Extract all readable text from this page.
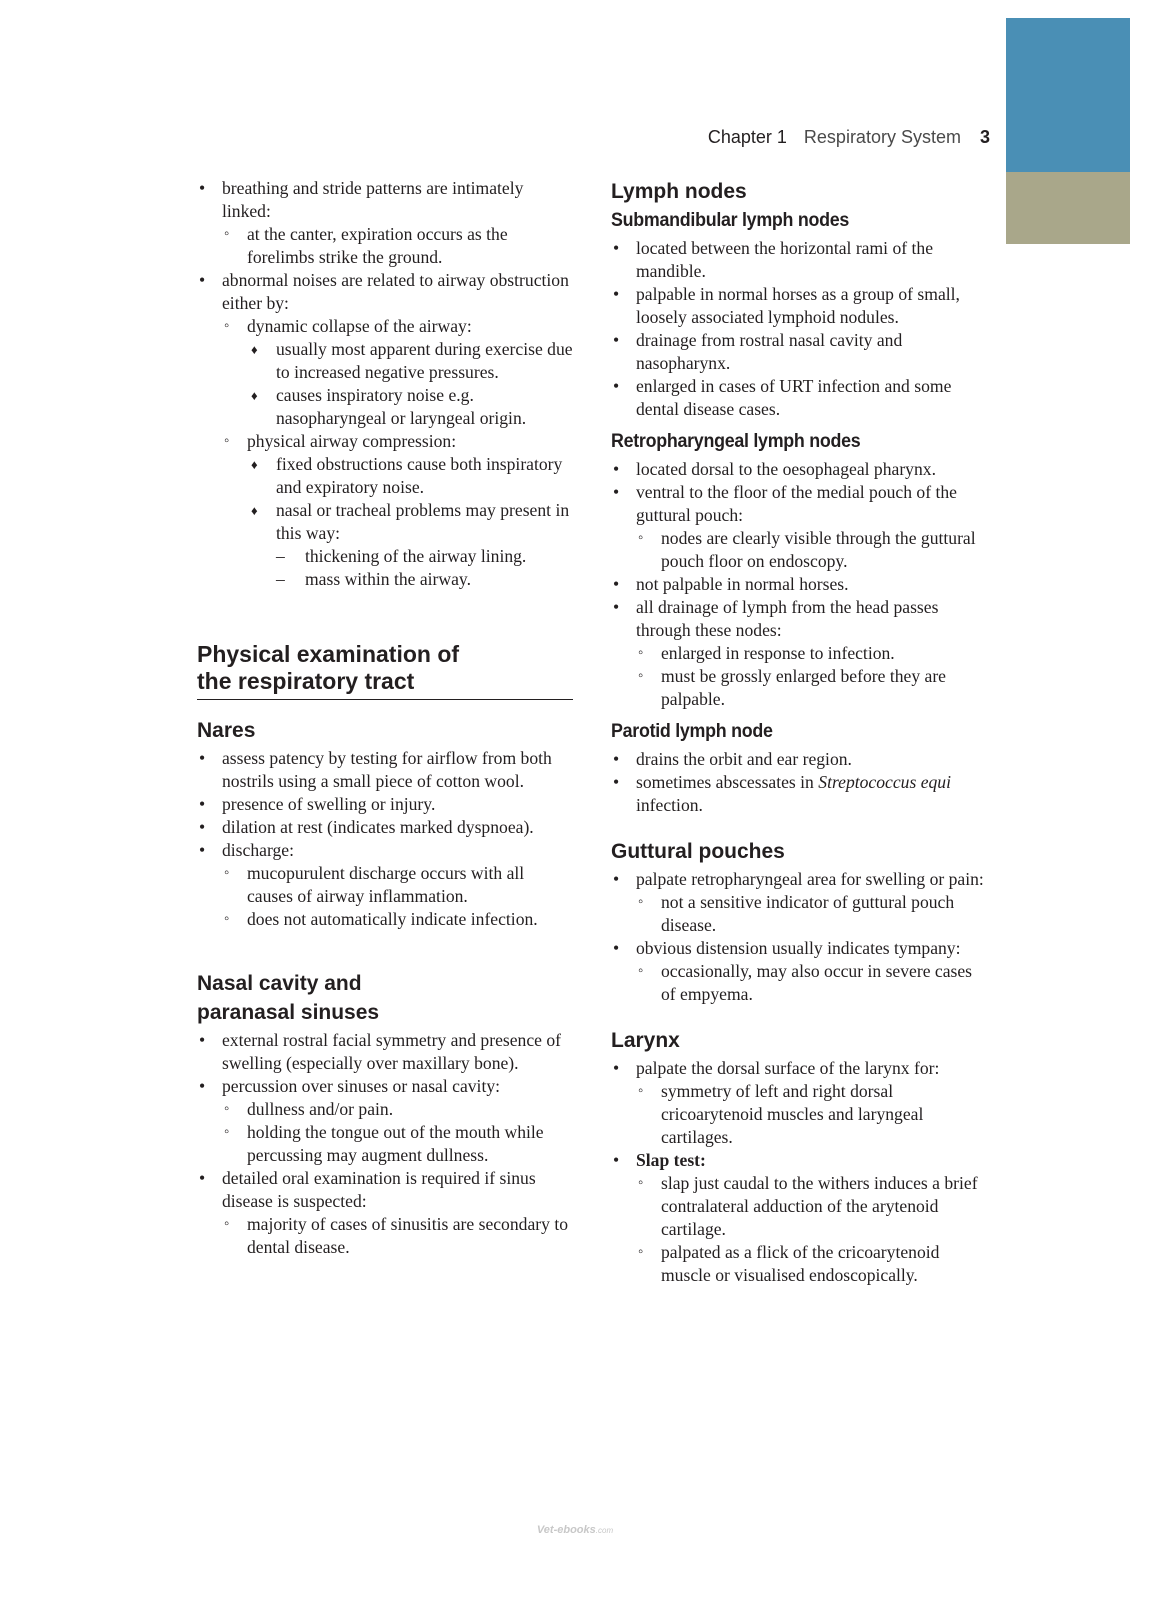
Chapter 1 Respiratory System 3
• breathing and stride patterns are intimately linked:
◦ at the canter, expiration occurs as the forelimbs strike the ground.
• abnormal noises are related to airway obstruction either by:
◦ dynamic collapse of the airway:
♦ usually most apparent during exercise due to increased negative pressures.
♦ causes inspiratory noise e.g. nasopharyngeal or laryngeal origin.
◦ physical airway compression:
♦ fixed obstructions cause both inspiratory and expiratory noise.
♦ nasal or tracheal problems may present in this way:
– thickening of the airway lining.
– mass within the airway.
Physical examination of
the respiratory tract
Nares
• assess patency by testing for airflow from both nostrils using a small piece of cotton wool.
• presence of swelling or injury.
• dilation at rest (indicates marked dyspnoea).
• discharge:
◦ mucopurulent discharge occurs with all causes of airway inflammation.
◦ does not automatically indicate infection.
Nasal cavity and
paranasal sinuses
• external rostral facial symmetry and presence of swelling (especially over maxillary bone).
• percussion over sinuses or nasal cavity:
◦ dullness and/or pain.
◦ holding the tongue out of the mouth while percussing may augment dullness.
• detailed oral examination is required if sinus disease is suspected:
◦ majority of cases of sinusitis are secondary to dental disease.
Lymph nodes
Submandibular lymph nodes
• located between the horizontal rami of the mandible.
• palpable in normal horses as a group of small, loosely associated lymphoid nodules.
• drainage from rostral nasal cavity and nasopharynx.
• enlarged in cases of URT infection and some dental disease cases.
Retropharyngeal lymph nodes
• located dorsal to the oesophageal pharynx.
• ventral to the floor of the medial pouch of the guttural pouch:
◦ nodes are clearly visible through the guttural pouch floor on endoscopy.
• not palpable in normal horses.
• all drainage of lymph from the head passes through these nodes:
◦ enlarged in response to infection.
◦ must be grossly enlarged before they are palpable.
Parotid lymph node
• drains the orbit and ear region.
• sometimes abscessates in Streptococcus equi infection.
Guttural pouches
• palpate retropharyngeal area for swelling or pain:
◦ not a sensitive indicator of guttural pouch disease.
• obvious distension usually indicates tympany:
◦ occasionally, may also occur in severe cases of empyema.
Larynx
• palpate the dorsal surface of the larynx for:
◦ symmetry of left and right dorsal cricoarytenoid muscles and laryngeal cartilages.
• Slap test:
◦ slap just caudal to the withers induces a brief contralateral adduction of the arytenoid cartilage.
◦ palpated as a flick of the cricoarytenoid muscle or visualised endoscopically.
Vet-ebooks.com
